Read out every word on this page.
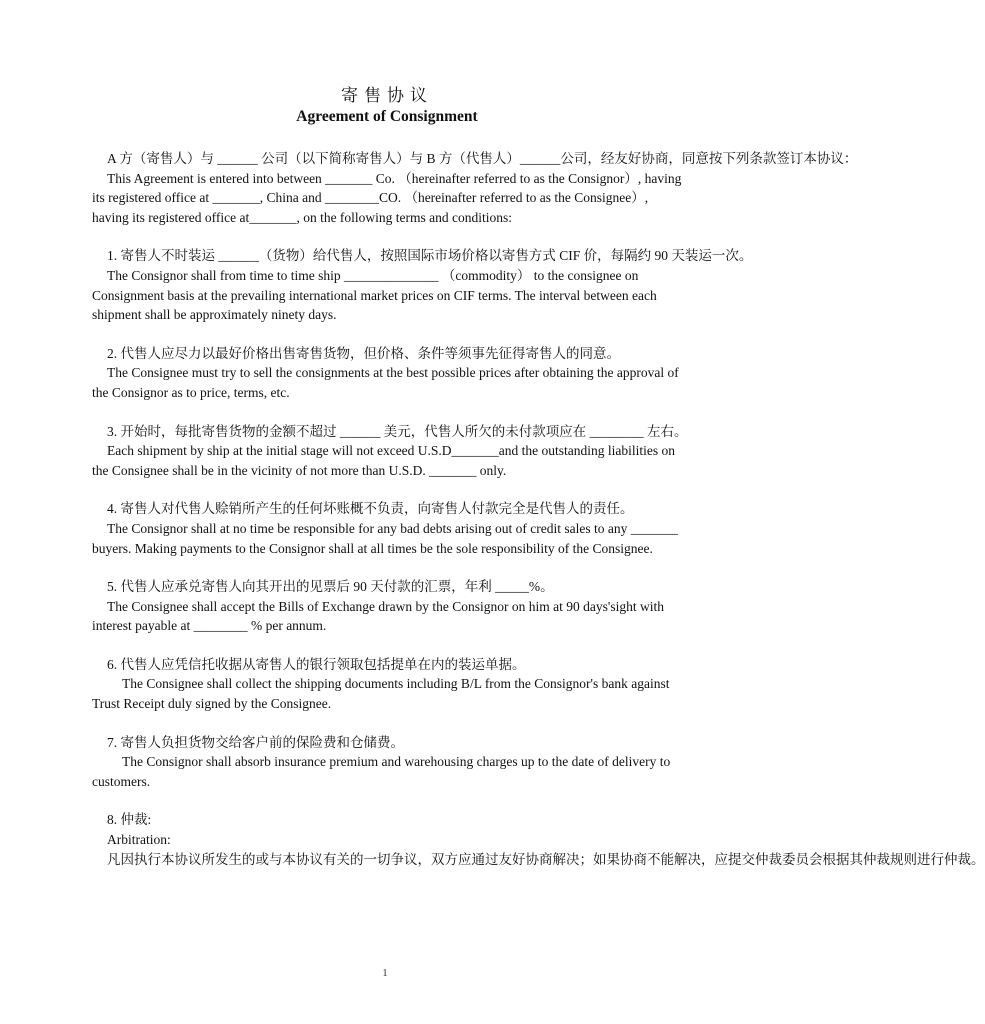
寄售协议

Agreement of Consignment

A 方（寄售人）与 ______ 公司（以下简称寄售人）与 B 方（代售人）______公司，经友好协商，同意按下列条款签订本协议：

This Agreement is entered into between _______ Co. （hereinafter referred to as the Consignor）, having its registered office at _______, China and ________CO. （hereinafter referred to as the Consignee）, having its registered office at_______, on the following terms and conditions:

1. 寄售人不时装运 ______（货物）给代售人，按照国际市场价格以寄售方式 CIF 价，每隔约 90 天装运一次。

The Consignor shall from time to time ship ______________ （commodity） to the consignee on Consignment basis at the prevailing international market prices on CIF terms. The interval between each shipment shall be approximately ninety days.

2. 代售人应尽力以最好价格出售寄售货物，但价格、条件等须事先征得寄售人的同意。

The Consignee must try to sell the consignments at the best possible prices after obtaining the approval of the Consignor as to price, terms, etc.

3. 开始时，每批寄售货物的金额不超过 ______ 美元，代售人所欠的未付款项应在 ________ 左右。

Each shipment by ship at the initial stage will not exceed U.S.D_______and the outstanding liabilities on the Consignee shall be in the vicinity of not more than U.S.D. _______ only.

4. 寄售人对代售人赊销所产生的任何坏账概不负责，向寄售人付款完全是代售人的责任。

The Consignor shall at no time be responsible for any bad debts arising out of credit sales to any _______ buyers. Making payments to the Consignor shall at all times be the sole responsibility of the Consignee.

5. 代售人应承兑寄售人向其开出的见票后 90 天付款的汇票，年利 _____%。

The Consignee shall accept the Bills of Exchange drawn by the Consignor on him at 90 days'sight with interest payable at ________ % per annum.

6. 代售人应凭信托收据从寄售人的银行领取包括提单在内的装运单据。

The Consignee shall collect the shipping documents including B/L from the Consignor's bank against Trust Receipt duly signed by the Consignee.

7. 寄售人负担货物交给客户前的保险费和仓储费。

The Consignor shall absorb insurance premium and warehousing charges up to the date of delivery to customers.

8. 仲裁:

Arbitration:

凡因执行本协议所发生的或与本协议有关的一切争议，双方应通过友好协商解决；如果协商不能解决，应提交仲裁委员会根据其仲裁规则进行仲裁。

1
